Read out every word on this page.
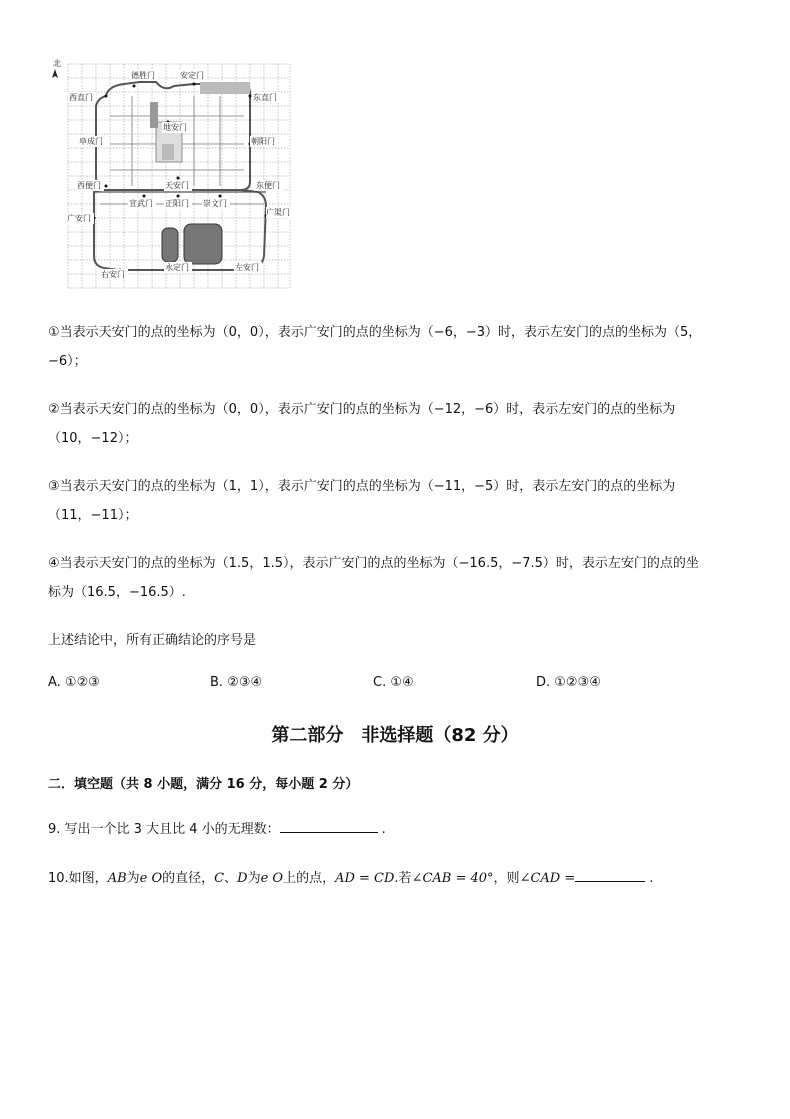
北
德胜门	安定门
西直门	东直门
地安门
阜成门	朝阳门
西便门	天安门	东便门
广安门
广渠门
宣武门 正阳门 崇文门
右安门
永定门	左安门
①当表示天安门的点的坐标为（0，0），表示广安门的点的坐标为（−6，−3）时，表示左安门的点的坐标为（5，
−6）；
②当表示天安门的点的坐标为（0，0），表示广安门的点的坐标为（−12，−6）时，表示左安门的点的坐标为
（10，−12）；
③当表示天安门的点的坐标为（1，1），表示广安门的点的坐标为（−11，−5）时，表示左安门的点的坐标为
（11，−11）；
④当表示天安门的点的坐标为（1.5，1.5），表示广安门的点的坐标为（−16.5，−7.5）时，表示左安门的点的坐
标为（16.5，−16.5）.
上述结论中，所有正确结论的序号是
A. ①②③	B. ②③④	C. ①④	D. ①②③④
第二部分　非选择题（82 分）
二．填空题（共 8 小题，满分 16 分，每小题 2 分）
9. 写出一个比 3 大且比 4 小的无理数：	.
10.如图，AB为e O的直径，C、D为e O上的点，AD = CD.若∠CAB = 40°，则∠CAD =	.
